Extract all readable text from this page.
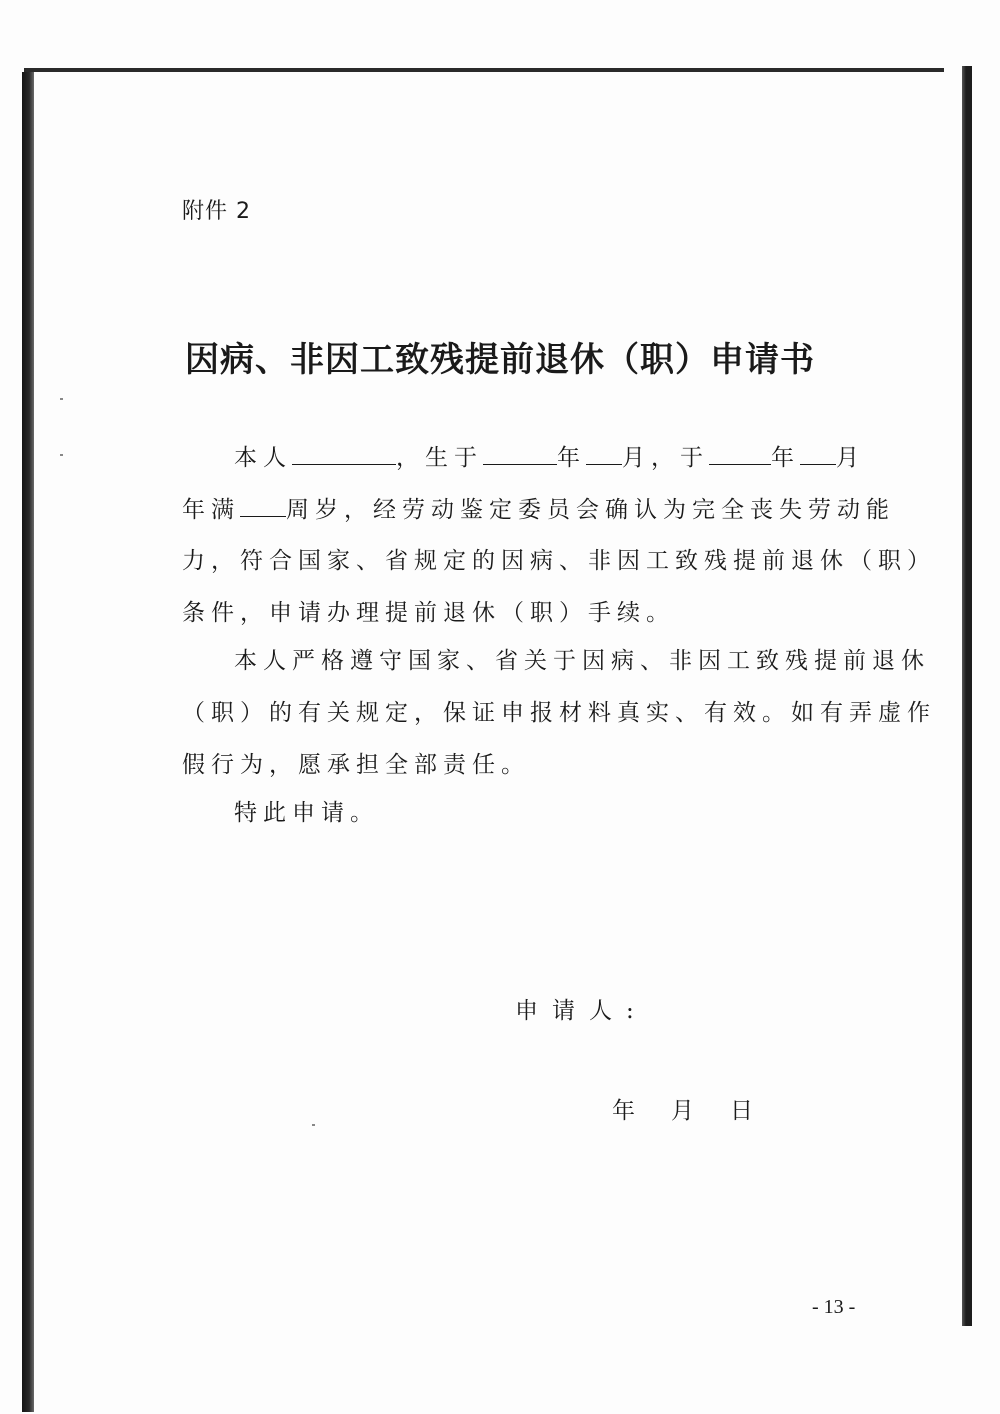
附件 2
因病、非因工致残提前退休（职）申请书
本人	，生于	年 月，于	年 月
年满 周岁，经劳动鉴定委员会确认为完全丧失劳动能
力，符合国家、省规定的因病、非因工致残提前退休（职）
条件，申请办理提前退休（职）手续。
本人严格遵守国家、省关于因病、非因工致残提前退休
（职）的有关规定，保证申报材料真实、有效。如有弄虚作
假行为，愿承担全部责任。
特此申请。
申请人:
年 月 日
- 13 -
